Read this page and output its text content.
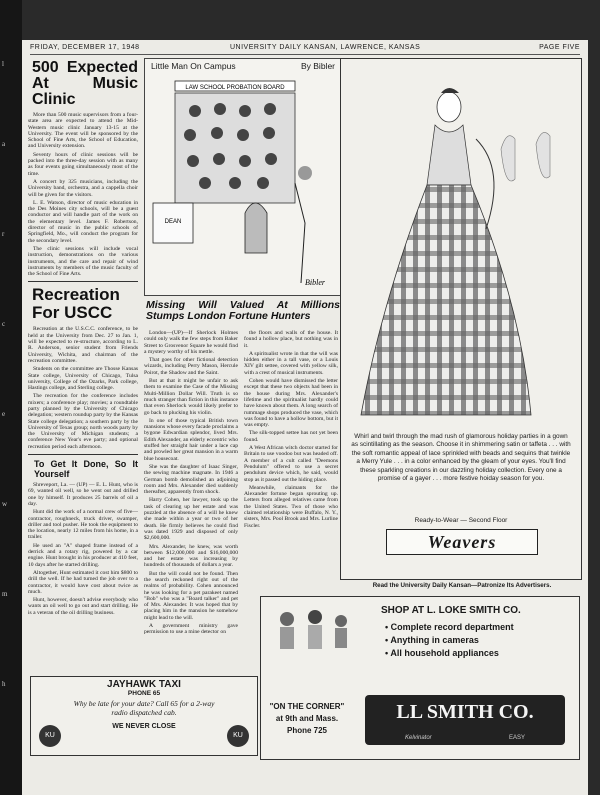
l
a
r
c
e
w
m
h
FRIDAY, DECEMBER 17, 1948	UNIVERSITY DAILY KANSAN, LAWRENCE, KANSAS	PAGE FIVE
500 Expected At Music Clinic

More than 500 music supervisors from a four-state area are expected to attend the Mid-Western music clinic January 13-15 at the University. The event will be sponsored by the School of Fine Arts, the School of Education, and University extension.

Seventy hours of clinic sessions will be packed into the three-day session with as many as four events going simultaneously most of the time.

A concert by 325 musicians, including the University band, orchestra, and a cappella choir will be given for the visitors.

L. E. Watson, director of music education in the Des Moines city schools, will be a guest conductor and will handle part of the work on the elementary level. James F. Robertson, director of music in the public schools of Springfield, Mo., will conduct the program for the secondary level.

The clinic sessions will include vocal instruction, demonstrations on the various instruments, and the care and repair of wind instruments by members of the music faculty of the School of Fine Arts.

Recreation For USCC

Recreation at the U.S.C.C. conference, to be held at the University from Dec. 27 to Jan. 1, will be expected to re-structure, according to L. R. Anderson, senior student from Friends University, Wichita, and chairman of the recreation committee.

Students on the committee are Thosse Kansas State college, University of Chicago, Tulsa university, College of the Ozarks, Park college, Hastings college, and Sterling college.

The recreation for the conference includes mixers; a conference play; movies; a roundtable party planned by the University of Chicago delegation; western roundup party by the Kansas State college delegation; a southern party by the University of Texas group; north woods party by the University of Michigan students; a conference New Year's eve party; and optional recreation period each afternoon.

To Get It Done, So It Yourself

Shreveport, La. — (UP) — E. L. Hunt, who is 69, wanted oil well, so he went out and drilled one by himself. It produces 25 barrels of oil a day.

Hunt did the work of a normal crew of five—contractor, roughneck, truck driver, swamper, driller and tool pusher. He took the equipment to the location, nearly 12 miles from his home, in a trailer.

He used an "A" shaped frame instead of a derrick and a rotary rig, powered by a car engine. Hunt brought in his producer at 410 feet, 10 days after he started drilling.

Altogether, Hunt estimated it cost him $800 to drill the well. If he had turned the job over to a contractor, it would have cost about twice as much.

Hunt, however, doesn't advise everybody who wants an oil well to go out and start drilling. He is a veteran of the oil drilling business.

Little Man On Campus	By Bibler
LAW SCHOOL PROBATION BOARD
DEAN
Bibler
Missing Will Valued At Millions Stumps London Fortune Hunters

London—(UP)—If Sherlock Holmes could only walk the few steps from Baker Street to Grosvenor Square he would find a mystery worthy of his mettle.

That goes for other fictional detection wizards, including Perry Mason, Hercule Poirot, the Shadow and the Saint.

But at that it might be unfair to ask them to examine the Case of the Missing Multi-Million Dollar Will. Truth is so much stranger than fiction in this instance that even Sherlock would likely prefer to go back to plucking his violin.

In one of those typical British town mansions whose every facade proclaims a bygone Edwardian splendor, lived Mrs. Edith Alexander, an elderly eccentric who stuffed her straight hair under a lace cap and prowled her great mansion in a warm blue housecoat.

She was the daughter of Isaac Singer, the sewing machine magnate. In 1946 a German bomb demolished an adjoining room and Mrs. Alexander died suddenly thereafter, apparently from shock.

Harry Cohen, her lawyer, took up the task of clearing up her estate and was puzzled at the absence of a will he knew she made within a year or two of her death. He firmly believes he could find was dated 1929 and disposed of only $2,600,000.

Mrs. Alexander, he knew, was worth between $12,000,000 and $16,000,000 and her estate was increasing by hundreds of thousands of dollars a year.

But the will could not be found. Then the search reckoned right out of the realms of probability. Cohen announced he was looking for a pet parakeet named "Bob" who was a "Board talker" and pet of Mrs. Alexander. It was hoped that by placing him in the mansion he somehow might lead to the will.

A government ministry gave permission to use a mine detector on

the floors and walls of the house. It found a hollow place, but nothing was in it.

A spiritualist wrote in that the will was hidden either in a tall vase, or a Louis XIV gilt settee, covered with yellow silk, with a crest of musical instruments.

Cohen would have dismissed the letter except that these two objects had been in the house during Mrs. Alexander's lifetime and the spiritualist hardly could have known about them. A long search of rummage shops produced the vase, which was found to have a hollow bottom, but it was empty.

The silk-topped settee has not yet been found.

A West African witch doctor started for Britain to use voodoo but was headed off. A member of a cult called "Deemons Pendulum" offered to use a secret pendulum device which, he said, would stop as it passed out the hiding place.

Meanwhile, claimants for the Alexander fortune began sprouting up. Letters from alleged relatives came from the United States. Two of those who claimed relationship were Buffalo, N. Y., sisters, Mrs. Pool Brook and Mrs. Lurline Fiscler.

Whirl and twirl through the mad rush of glamorous holiday parties in a gown as scintillating as the season. Choose it in shimmering satin or taffeta . . . with the soft romantic appeal of lace sprinkled with beads and sequins that twinkle a Merry Yule . . . in a color enhanced by the gleam of your eyes. You'll find these sparkling creations in our dazzling holiday collection. Every one a promise of a gayer . . . more festive hoiday season for you.
Ready-to-Wear — Second Floor
Weavers
Read the University Daily Kansan—Patronize Its Advertisers.
JAYHAWK TAXI
PHONE 65
Why be late for your date? Call 65 for a 2-way
radio dispatched cab.
WE NEVER CLOSE
KU	KU
SHOP AT L. LOKE SMITH CO.
• Complete record department
• Anything in cameras
• All household appliances
"ON THE CORNER"
at 9th and Mass.
Phone 725
LL SMITH CO.
Kelvinator	EASY
